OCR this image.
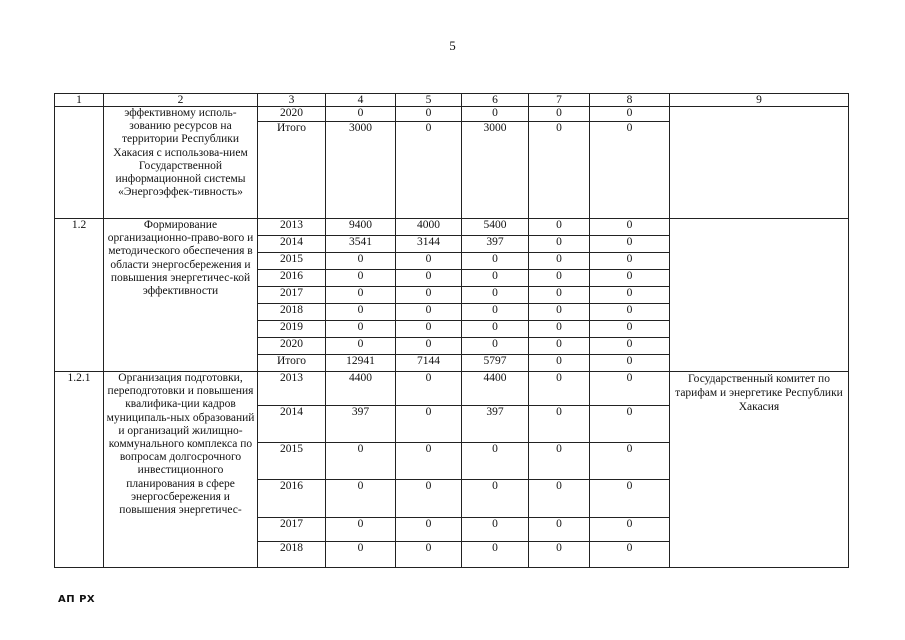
5
1	2	3	4	5	6	7	8	9
	эффективному исполь-зованию ресурсов на территории Республики Хакасия с использова-нием Государственной информационной системы «Энергоэффек-тивность»	2020	0	0	0	0	0	
		Итого	3000	0	3000	0	0	
1.2	Формирование организационно-право-вого и методического обеспечения в области энергосбережения и повышения энергетичес-кой эффективности	2013	9400	4000	5400	0	0	
		2014	3541	3144	397	0	0	
		2015	0	0	0	0	0	
		2016	0	0	0	0	0	
		2017	0	0	0	0	0	
		2018	0	0	0	0	0	
		2019	0	0	0	0	0	
		2020	0	0	0	0	0	
		Итого	12941	7144	5797	0	0	
1.2.1	Организация подготовки, переподготовки и повышения квалифика-ции кадров муниципаль-ных образований и организаций жилищно-коммунального комплекса по вопросам долгосрочного инвестиционного планирования в сфере энергосбережения и повышения энергетичес-	2013	4400	0	4400	0	0	Государственный комитет по тарифам и энергетике Республики Хакасия
		2014	397	0	397	0	0	
		2015	0	0	0	0	0	
		2016	0	0	0	0	0	
		2017	0	0	0	0	0	
		2018	0	0	0	0	0	
АП РХ
